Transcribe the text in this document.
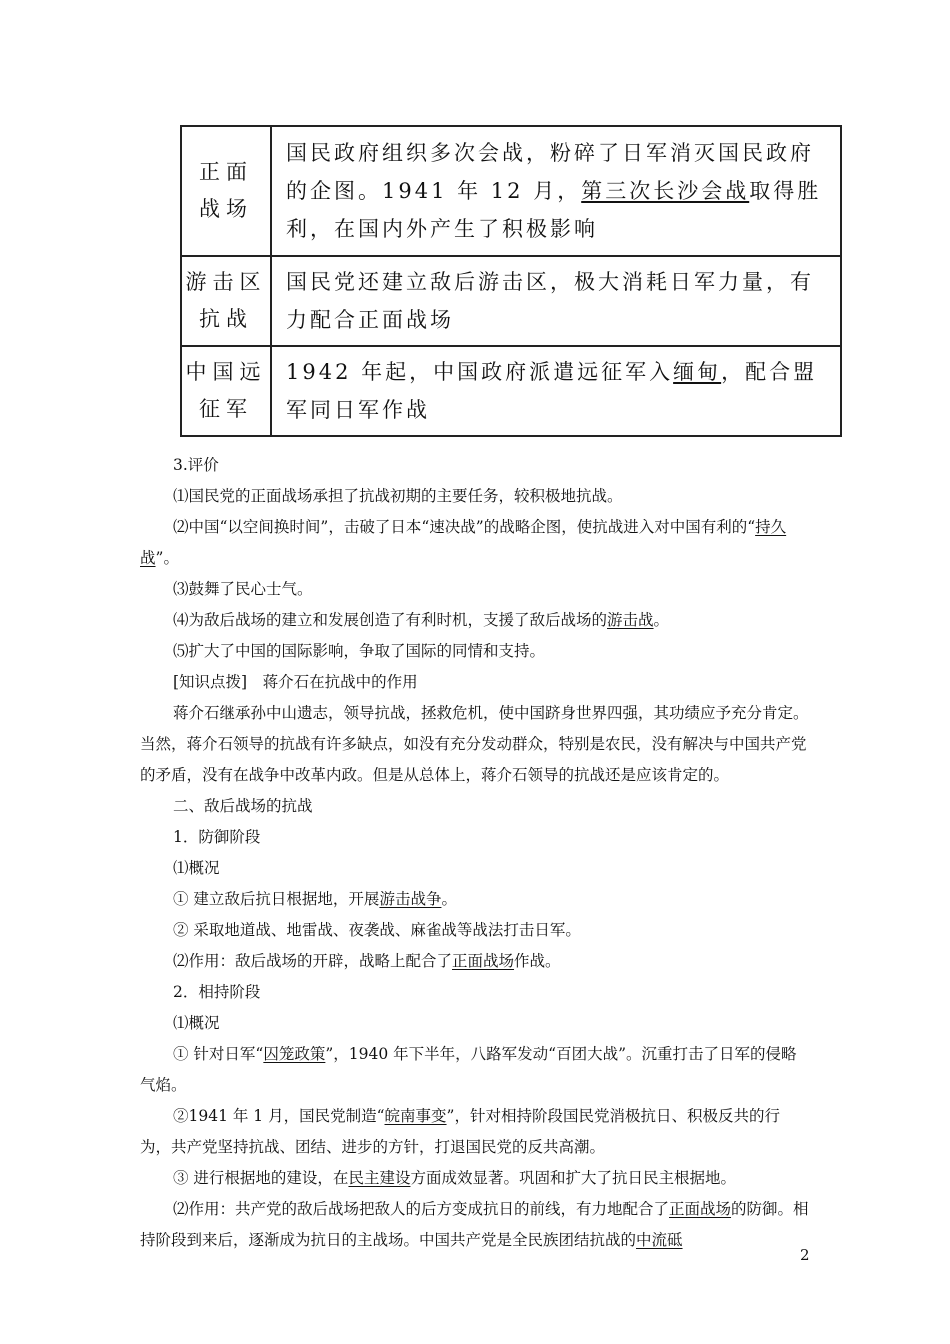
正面
战场	国民政府组织多次会战，粉碎了日军消灭国民政府的企图。1941 年 12 月，第三次长沙会战取得胜利，在国内外产生了积极影响

游击区
抗战	国民党还建立敌后游击区，极大消耗日军力量，有力配合正面战场

中国远
征军	1942 年起，中国政府派遣远征军入缅甸，配合盟军同日军作战

3.评价

⑴国民党的正面战场承担了抗战初期的主要任务，较积极地抗战。

⑵中国“以空间换时间”，击破了日本“速决战”的战略企图，使抗战进入对中国有利的“持久战”。

⑶鼓舞了民心士气。

⑷为敌后战场的建立和发展创造了有利时机，支援了敌后战场的游击战。

⑸扩大了中国的国际影响，争取了国际的同情和支持。

[知识点拨]　蒋介石在抗战中的作用

蒋介石继承孙中山遗志，领导抗战，拯救危机，使中国跻身世界四强，其功绩应予充分肯定。当然，蒋介石领导的抗战有许多缺点，如没有充分发动群众，特别是农民，没有解决与中国共产党的矛盾，没有在战争中改革内政。但是从总体上，蒋介石领导的抗战还是应该肯定的。

二、敌后战场的抗战

1．防御阶段

⑴概况

① 建立敌后抗日根据地，开展游击战争。

② 采取地道战、地雷战、夜袭战、麻雀战等战法打击日军。

⑵作用：敌后战场的开辟，战略上配合了正面战场作战。

2．相持阶段

⑴概况

① 针对日军“囚笼政策”，1940 年下半年，八路军发动“百团大战”。沉重打击了日军的侵略气焰。

②1941 年 1 月，国民党制造“皖南事变”，针对相持阶段国民党消极抗日、积极反共的行为，共产党坚持抗战、团结、进步的方针，打退国民党的反共高潮。

③ 进行根据地的建设，在民主建设方面成效显著。巩固和扩大了抗日民主根据地。

⑵作用：共产党的敌后战场把敌人的后方变成抗日的前线，有力地配合了正面战场的防御。相持阶段到来后，逐渐成为抗日的主战场。中国共产党是全民族团结抗战的中流砥

2
